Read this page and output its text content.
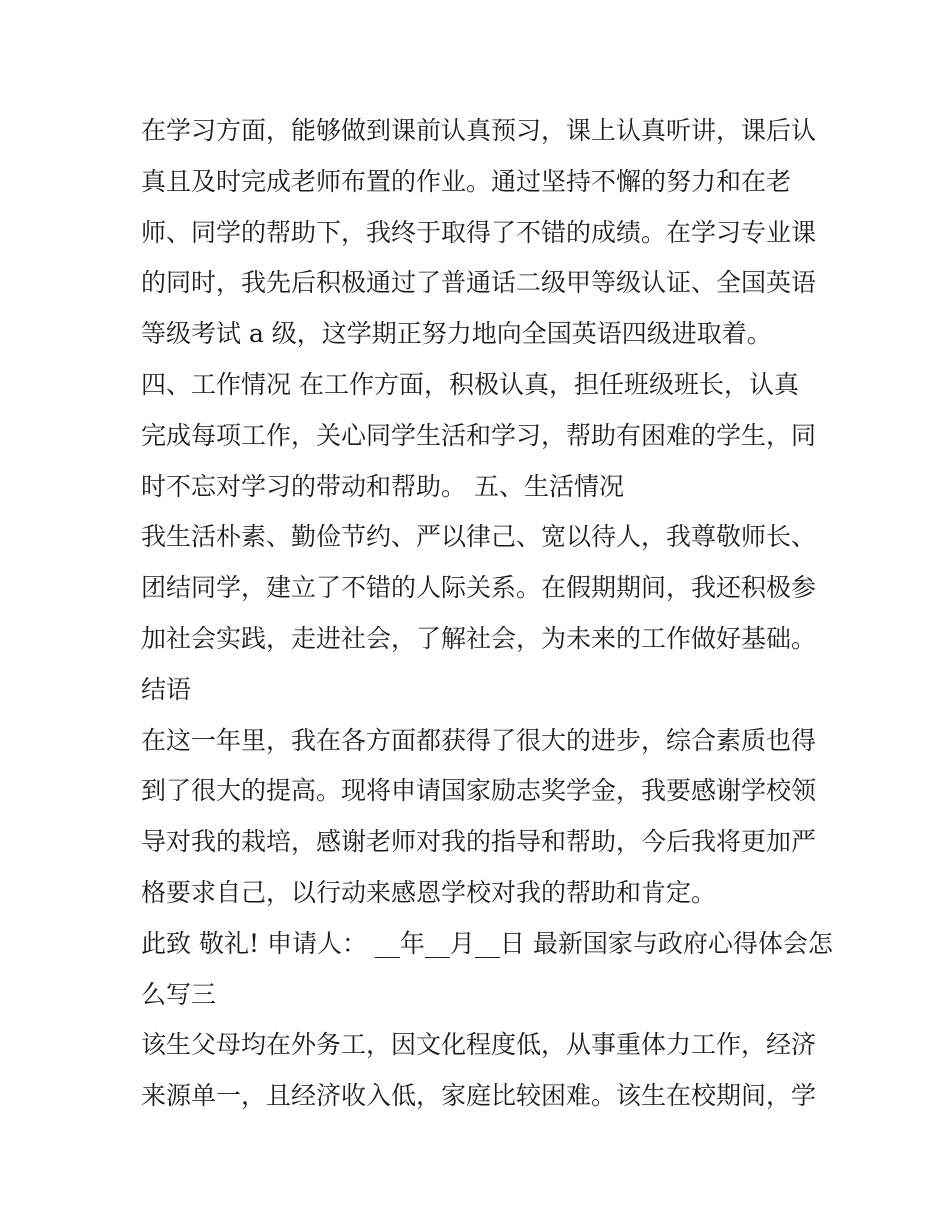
在学习方面，能够做到课前认真预习，课上认真听讲，课后认
真且及时完成老师布置的作业。通过坚持不懈的努力和在老
师、同学的帮助下，我终于取得了不错的成绩。在学习专业课
的同时，我先后积极通过了普通话二级甲等级认证、全国英语
等级考试 a 级，这学期正努力地向全国英语四级进取着。
四、工作情况 在工作方面，积极认真，担任班级班长，认真
完成每项工作，关心同学生活和学习，帮助有困难的学生，同
时不忘对学习的带动和帮助。 五、生活情况
我生活朴素、勤俭节约、严以律己、宽以待人，我尊敬师长、
团结同学，建立了不错的人际关系。在假期期间，我还积极参
加社会实践，走进社会，了解社会，为未来的工作做好基础。
结语
在这一年里，我在各方面都获得了很大的进步，综合素质也得
到了很大的提高。现将申请国家励志奖学金，我要感谢学校领
导对我的栽培，感谢老师对我的指导和帮助，今后我将更加严
格要求自己，以行动来感恩学校对我的帮助和肯定。
此致 敬礼! 申请人： __年__月__日 最新国家与政府心得体会怎
么写三
该生父母均在外务工，因文化程度低，从事重体力工作，经济
来源单一，且经济收入低，家庭比较困难。该生在校期间，学
